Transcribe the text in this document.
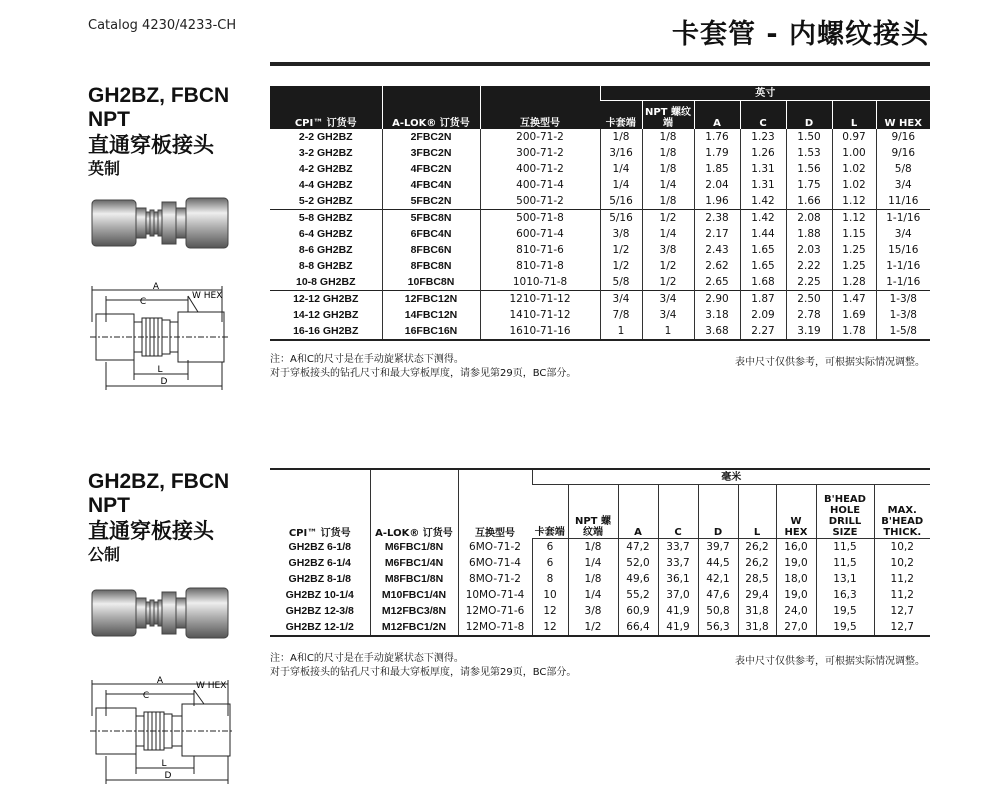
Catalog 4230/4233-CH	卡套管 - 内螺纹接头
GH2BZ, FBCN
NPT
直通穿板接头
英制
A
C
W HEX
L
D
CPI™ 订货号	A-LOK® 订货号	互换型号	英寸						
			卡套端	NPT 螺纹端	A	C	D	L	W HEX
2-2 GH2BZ	2FBC2N	200-71-2	1/8	1/8	1.76	1.23	1.50	0.97	9/16
3-2 GH2BZ	3FBC2N	300-71-2	3/16	1/8	1.79	1.26	1.53	1.00	9/16
4-2 GH2BZ	4FBC2N	400-71-2	1/4	1/8	1.85	1.31	1.56	1.02	5/8
4-4 GH2BZ	4FBC4N	400-71-4	1/4	1/4	2.04	1.31	1.75	1.02	3/4
5-2 GH2BZ	5FBC2N	500-71-2	5/16	1/8	1.96	1.42	1.66	1.12	11/16
5-8 GH2BZ	5FBC8N	500-71-8	5/16	1/2	2.38	1.42	2.08	1.12	1-1/16
6-4 GH2BZ	6FBC4N	600-71-4	3/8	1/4	2.17	1.44	1.88	1.15	3/4
8-6 GH2BZ	8FBC6N	810-71-6	1/2	3/8	2.43	1.65	2.03	1.25	15/16
8-8 GH2BZ	8FBC8N	810-71-8	1/2	1/2	2.62	1.65	2.22	1.25	1-1/16
10-8 GH2BZ	10FBC8N	1010-71-8	5/8	1/2	2.65	1.68	2.25	1.28	1-1/16
12-12 GH2BZ	12FBC12N	1210-71-12	3/4	3/4	2.90	1.87	2.50	1.47	1-3/8
14-12 GH2BZ	14FBC12N	1410-71-12	7/8	3/4	3.18	2.09	2.78	1.69	1-3/8
16-16 GH2BZ	16FBC16N	1610-71-16	1	1	3.68	2.27	3.19	1.78	1-5/8
注：A和C的尺寸是在手动旋紧状态下测得。
对于穿板接头的钻孔尺寸和最大穿板厚度，请参见第29页，BC部分。
表中尺寸仅供参考，可根据实际情况调整。
GH2BZ, FBCN
NPT
直通穿板接头
公制
A
C
W HEX
L
D
CPI™ 订货号	A-LOK® 订货号	互换型号	毫米								
			卡套端	NPT 螺纹端	A	C	D	L	W HEX	B'HEAD HOLE DRILL SIZE	MAX. B'HEAD THICK.
GH2BZ 6-1/8	M6FBC1/8N	6MO-71-2	6	1/8	47,2	33,7	39,7	26,2	16,0	11,5	10,2
GH2BZ 6-1/4	M6FBC1/4N	6MO-71-4	6	1/4	52,0	33,7	44,5	26,2	19,0	11,5	10,2
GH2BZ 8-1/8	M8FBC1/8N	8MO-71-2	8	1/8	49,6	36,1	42,1	28,5	18,0	13,1	11,2
GH2BZ 10-1/4	M10FBC1/4N	10MO-71-4	10	1/4	55,2	37,0	47,6	29,4	19,0	16,3	11,2
GH2BZ 12-3/8	M12FBC3/8N	12MO-71-6	12	3/8	60,9	41,9	50,8	31,8	24,0	19,5	12,7
GH2BZ 12-1/2	M12FBC1/2N	12MO-71-8	12	1/2	66,4	41,9	56,3	31,8	27,0	19,5	12,7
注：A和C的尺寸是在手动旋紧状态下测得。
对于穿板接头的钻孔尺寸和最大穿板厚度，请参见第29页，BC部分。
表中尺寸仅供参考，可根据实际情况调整。
